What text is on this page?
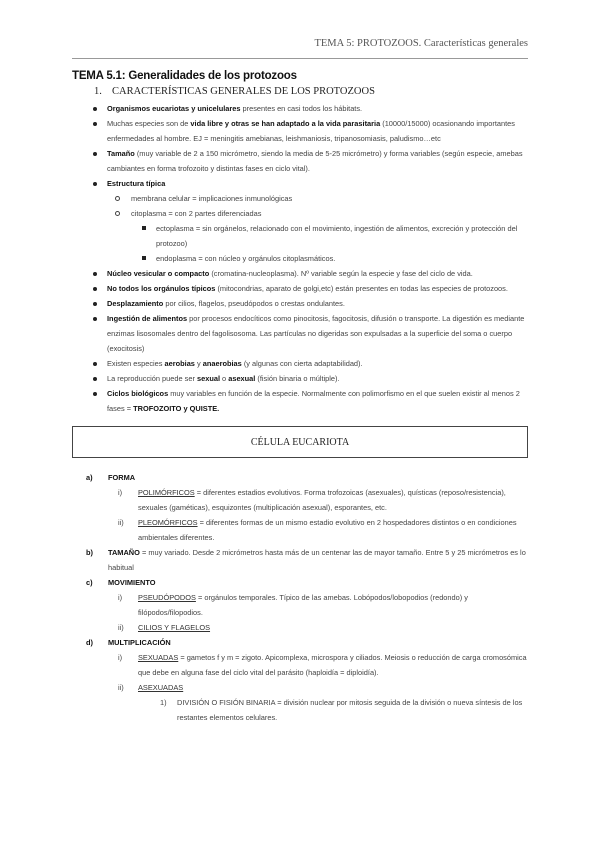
TEMA 5: PROTOZOOS. Características generales
TEMA 5.1: Generalidades de los protozoos
1. CARACTERÍSTICAS GENERALES DE LOS PROTOZOOS
Organismos eucariotas y unicelulares presentes en casi todos los hábitats.
Muchas especies son de vida libre y otras se han adaptado a la vida parasitaria (10000/15000) ocasionando importantes enfermedades al hombre. EJ = meningitis amebianas, leishmaniosis, tripanosomiasis, paludismo…etc
Tamaño (muy variable de 2 a 150 micrómetro, siendo la media de 5-25 micrómetro) y forma variables (según especie, amebas cambiantes en forma trofozoito y distintas fases en ciclo vital).
Estructura típica
membrana celular = implicaciones inmunológicas
citoplasma = con 2 partes diferenciadas
ectoplasma = sin orgánelos, relacionado con el movimiento, ingestión de alimentos, excreción y protección del protozoo)
endoplasma = con núcleo y orgánulos citoplasmáticos.
Núcleo vesicular o compacto (cromatina-nucleoplasma). Nº variable según la especie y fase del ciclo de vida.
No todos los orgánulos típicos (mitocondrias, aparato de golgi,etc) están presentes en todas las especies de protozoos.
Desplazamiento por cilios, flagelos, pseudópodos o crestas ondulantes.
Ingestión de alimentos por procesos endocíticos como pinocitosis, fagocitosis, difusión o transporte. La digestión es mediante enzimas lisosomales dentro del fagolisosoma. Las partículas no digeridas son expulsadas a la superficie del soma o cuerpo (exocitosis)
Existen especies aerobias y anaerobias (y algunas con cierta adaptabilidad).
La reproducción puede ser sexual o asexual (fisión binaria o múltiple).
Ciclos biológicos muy variables en función de la especie. Normalmente con polimorfismo en el que suelen existir al menos 2 fases = TROFOZOITO y QUISTE.
CÉLULA EUCARIOTA
a) FORMA
i) POLIMÓRFICOS = diferentes estadios evolutivos. Forma trofozoicas (asexuales), quísticas (reposo/resistencia), sexuales (gaméticas), esquizontes (multiplicación asexual), esporantes, etc.
ii) PLEOMÓRFICOS = diferentes formas de un mismo estadio evolutivo en 2 hospedadores distintos o en condiciones ambientales diferentes.
b) TAMAÑO = muy variado. Desde 2 micrómetros hasta más de un centenar las de mayor tamaño. Entre 5 y 25 micrómetros es lo habitual
c) MOVIMIENTO
i) PSEUDÓPODOS = orgánulos temporales. Típico de las amebas. Lobópodos/lobopodios (redondo) y filópodos/filopodios.
ii) CILIOS Y FLAGELOS
d) MULTIPLICACIÓN
i) SEXUADAS = gametos f y m = zigoto. Apicomplexa, microspora y ciliados. Meiosis o reducción de carga cromosómica que debe en alguna fase del ciclo vital del parásito (haploidía = diploidía).
ii) ASEXUADAS
1) DIVISIÓN O FISIÓN BINARIA = división nuclear por mitosis seguida de la división o nueva síntesis de los restantes elementos celulares.
